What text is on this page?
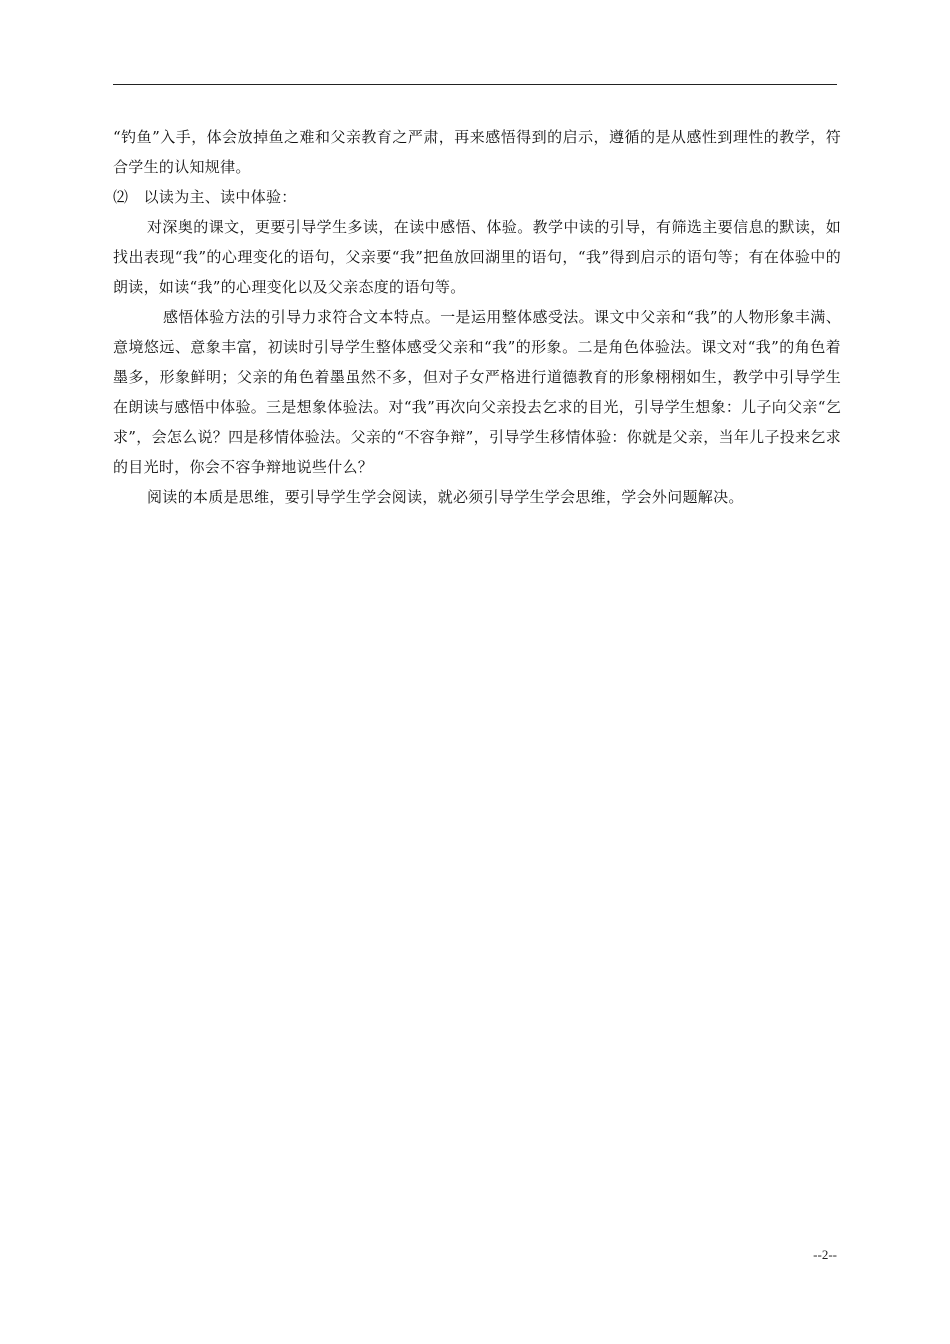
“钓鱼”入手，体会放掉鱼之难和父亲教育之严肃，再来感悟得到的启示，遵循的是从感性到理性的教学，符合学生的认知规律。

⑵　以读为主、读中体验：

对深奥的课文，更要引导学生多读，在读中感悟、体验。教学中读的引导，有筛选主要信息的默读，如找出表现“我”的心理变化的语句，父亲要“我”把鱼放回湖里的语句，“我”得到启示的语句等；有在体验中的朗读，如读“我”的心理变化以及父亲态度的语句等。

感悟体验方法的引导力求符合文本特点。一是运用整体感受法。课文中父亲和“我”的人物形象丰满、意境悠远、意象丰富，初读时引导学生整体感受父亲和“我”的形象。二是角色体验法。课文对“我”的角色着墨多，形象鲜明；父亲的角色着墨虽然不多，但对子女严格进行道德教育的形象栩栩如生，教学中引导学生在朗读与感悟中体验。三是想象体验法。对“我”再次向父亲投去乞求的目光，引导学生想象：儿子向父亲“乞求”，会怎么说？四是移情体验法。父亲的“不容争辩”，引导学生移情体验：你就是父亲，当年儿子投来乞求的目光时，你会不容争辩地说些什么？

阅读的本质是思维，要引导学生学会阅读，就必须引导学生学会思维，学会外问题解决。

--2--
